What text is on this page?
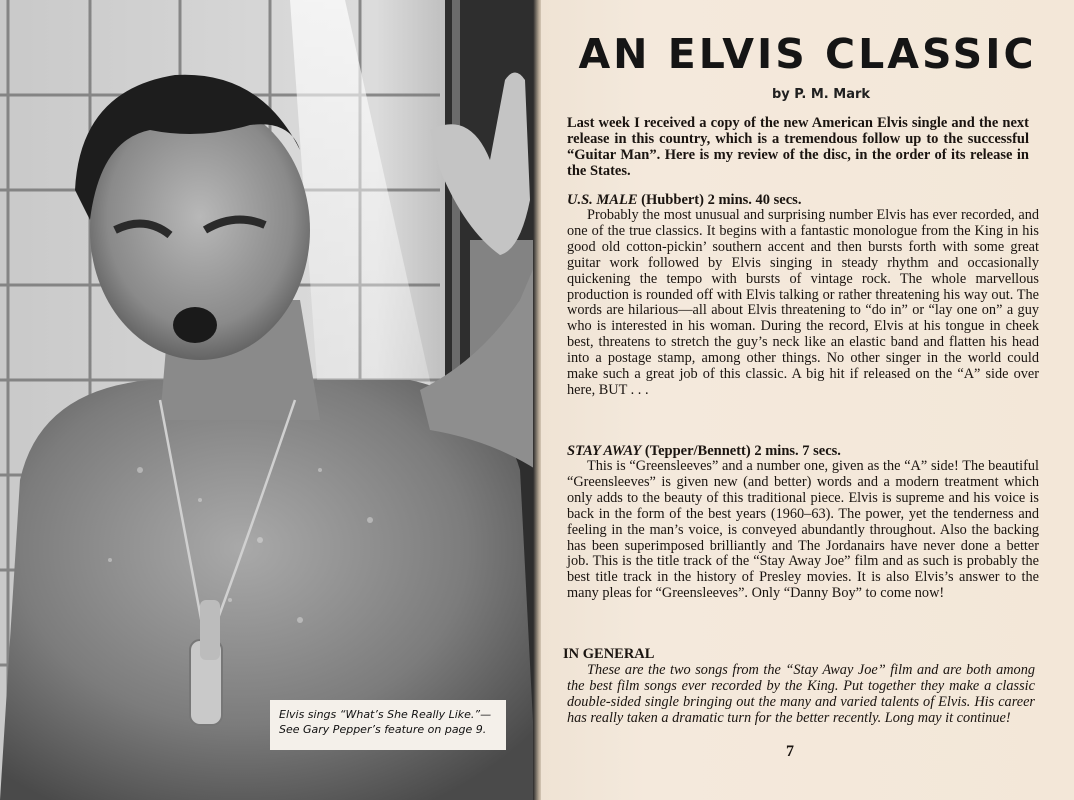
Elvis sings “What’s She Really Like.”—
See Gary Pepper’s feature on page 9.
AN ELVIS CLASSIC

by P. M. Mark

Last week I received a copy of the new American Elvis single and the next release in this country, which is a tremendous follow up to the successful “Guitar Man”. Here is my review of the disc, in the order of its release in the States.

U.S. MALE (Hubbert) 2 mins. 40 secs.

Probably the most unusual and surprising number Elvis has ever recorded, and one of the true classics. It begins with a fantastic monologue from the King in his good old cotton-pickin’ southern accent and then bursts forth with some great guitar work followed by Elvis singing in steady rhythm and occasionally quickening the tempo with bursts of vintage rock. The whole marvellous production is rounded off with Elvis talking or rather threatening his way out. The words are hilarious—all about Elvis threatening to “do in” or “lay one on” a guy who is interested in his woman. During the record, Elvis at his tongue in cheek best, threatens to stretch the guy’s neck like an elastic band and flatten his head into a postage stamp, among other things. No other singer in the world could make such a great job of this classic. A big hit if released on the “A” side over here, BUT . . .

STAY AWAY (Tepper/Bennett) 2 mins. 7 secs.

This is “Greensleeves” and a number one, given as the “A” side! The beautiful “Greensleeves” is given new (and better) words and a modern treatment which only adds to the beauty of this traditional piece. Elvis is supreme and his voice is back in the form of the best years (1960–63). The power, yet the tenderness and feeling in the man’s voice, is conveyed abundantly throughout. Also the backing has been superimposed brilliantly and The Jordanairs have never done a better job. This is the title track of the “Stay Away Joe” film and as such is probably the best title track in the history of Presley movies. It is also Elvis’s answer to the many pleas for “Greensleeves”. Only “Danny Boy” to come now!

IN GENERAL

These are the two songs from the “Stay Away Joe” film and are both among the best film songs ever recorded by the King. Put together they make a classic double-sided single bringing out the many and varied talents of Elvis. His career has really taken a dramatic turn for the better recently. Long may it continue!

7
